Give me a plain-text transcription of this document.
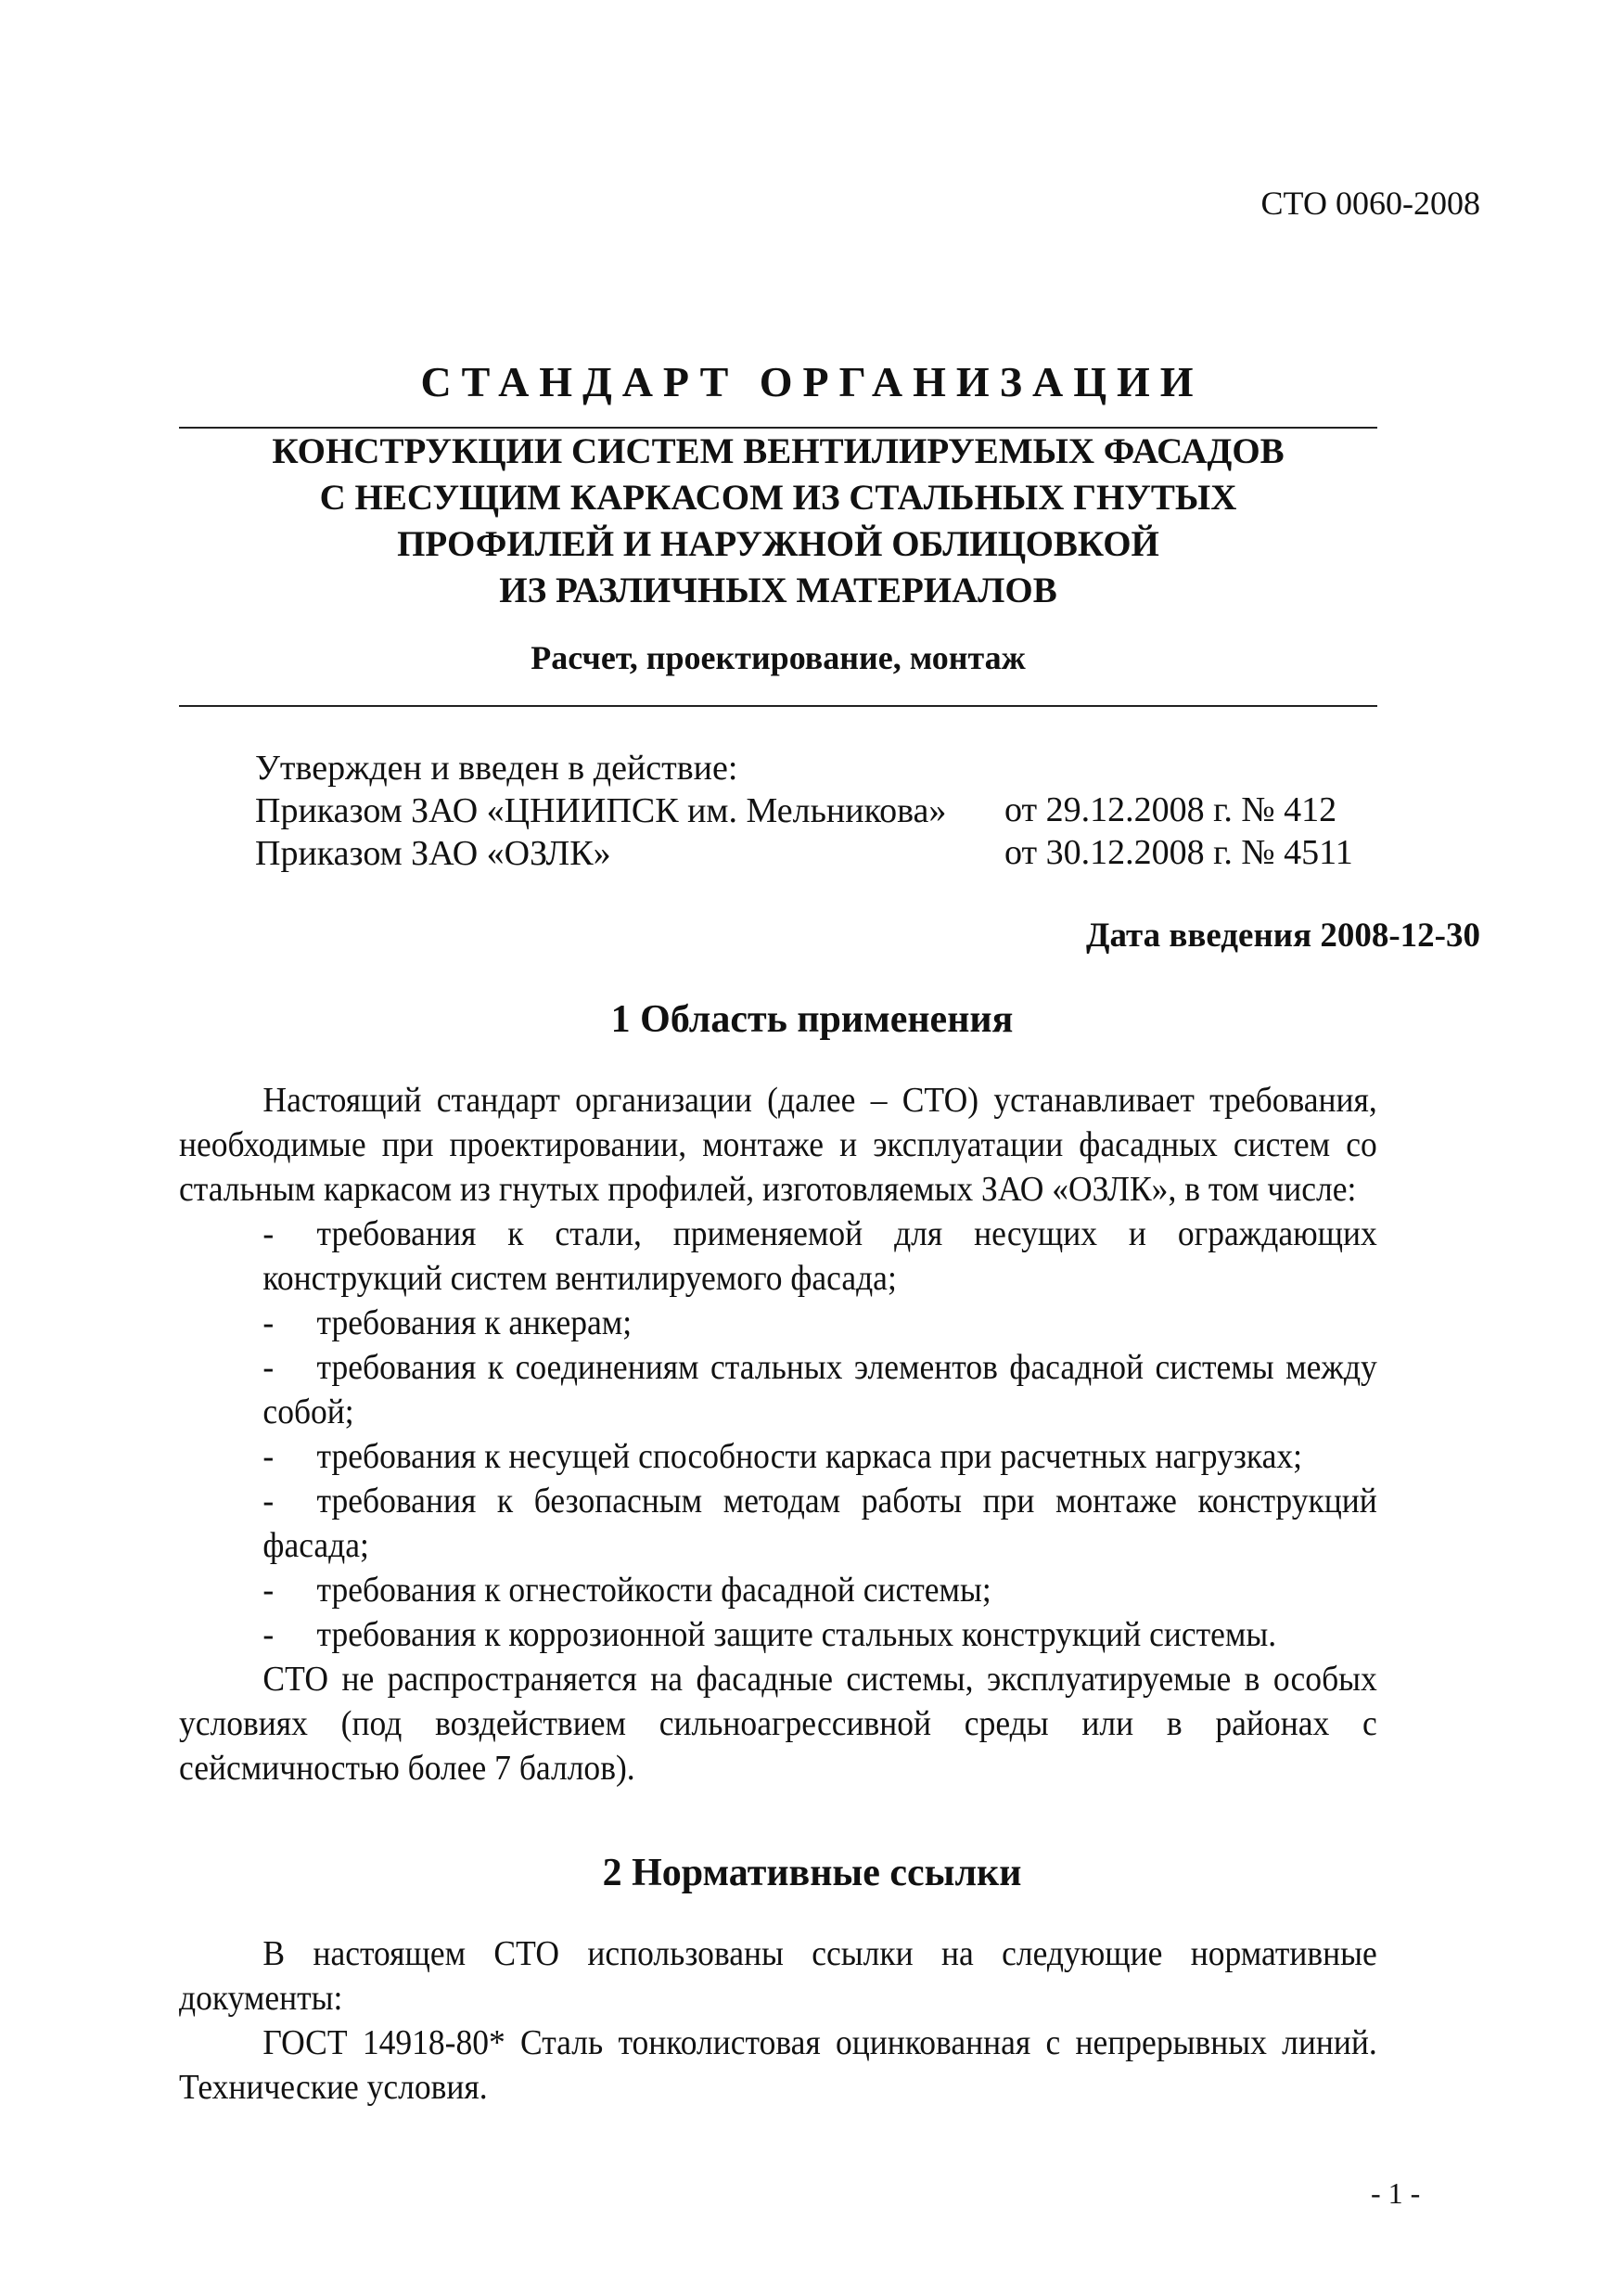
СТО 0060-2008
СТАНДАРТ ОРГАНИЗАЦИИ
КОНСТРУКЦИИ СИСТЕМ ВЕНТИЛИРУЕМЫХ ФАСАДОВ
С НЕСУЩИМ КАРКАСОМ ИЗ СТАЛЬНЫХ ГНУТЫХ
ПРОФИЛЕЙ И НАРУЖНОЙ ОБЛИЦОВКОЙ
ИЗ РАЗЛИЧНЫХ МАТЕРИАЛОВ
Расчет, проектирование, монтаж
Утвержден и введен в действие:
Приказом ЗАО «ЦНИИПСК им. Мельникова» от 29.12.2008 г. № 412
Приказом ЗАО «ОЗЛК»	от 30.12.2008 г. № 4511
Дата введения 2008-12-30
1 Область применения

Настоящий стандарт организации (далее – СТО) устанавливает требования, необходимые при проектировании, монтаже и эксплуатации фасадных систем со стальным каркасом из гнутых профилей, изготовляемых ЗАО «ОЗЛК», в том числе:

- требования к стали, применяемой для несущих и ограждающих конструкций систем вентилируемого фасада;

- требования к анкерам;

- требования к соединениям стальных элементов фасадной системы между собой;

- требования к несущей способности каркаса при расчетных нагрузках;

- требования к безопасным методам работы при монтаже конструкций фасада;

- требования к огнестойкости фасадной системы;

- требования к коррозионной защите стальных конструкций системы.

СТО не распространяется на фасадные системы, эксплуатируемые в особых условиях (под воздействием сильноагрессивной среды или в районах с сейсмичностью более 7 баллов).

2 Нормативные ссылки

В настоящем СТО использованы ссылки на следующие нормативные документы:

ГОСТ 14918-80* Сталь тонколистовая оцинкованная с непрерывных линий. Технические условия.

- 1 -
